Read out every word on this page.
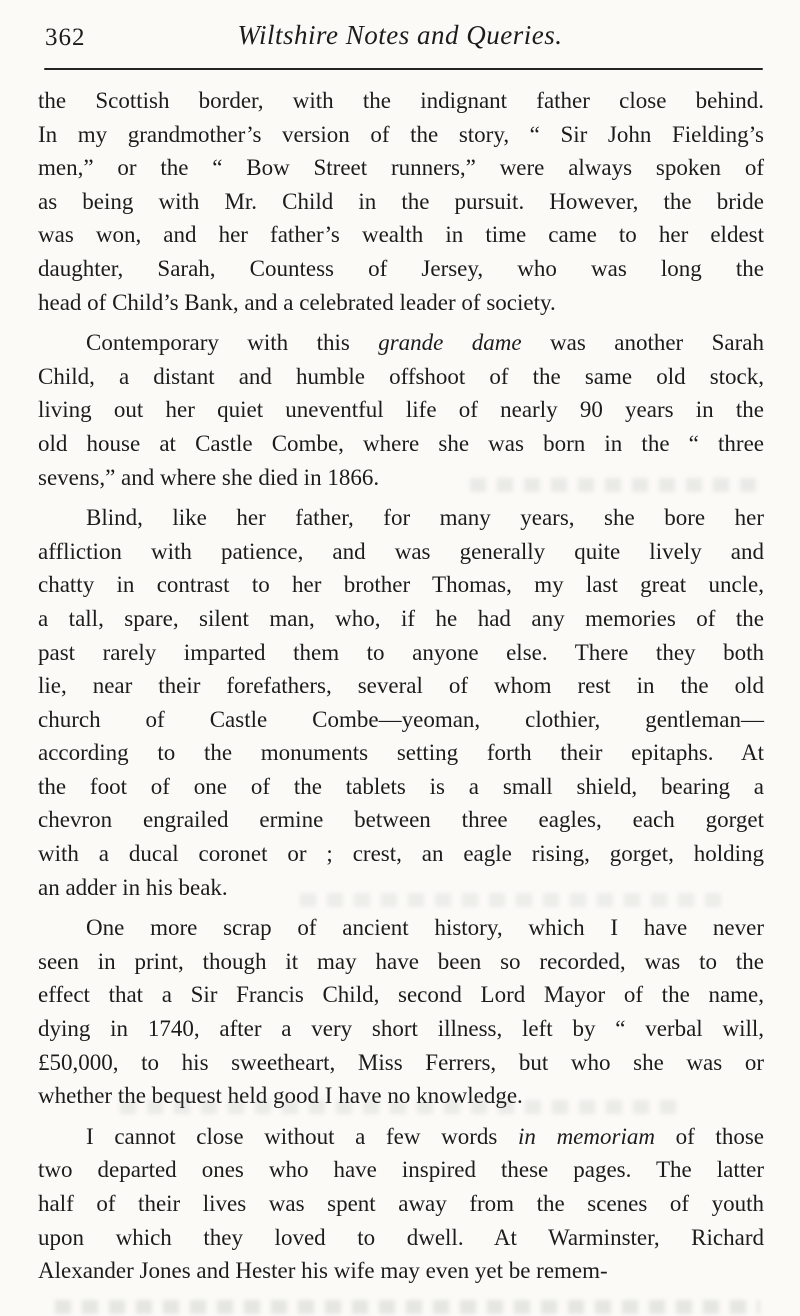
362	Wiltshire Notes and Queries.
the Scottish border, with the indignant father close behind.
In my grandmother’s version of the story, “ Sir John Fielding’s
men,” or the “ Bow Street runners,” were always spoken of
as being with Mr. Child in the pursuit. However, the bride
was won, and her father’s wealth in time came to her eldest
daughter, Sarah, Countess of Jersey, who was long the
head of Child’s Bank, and a celebrated leader of society.
Contemporary with this grande dame was another Sarah
Child, a distant and humble offshoot of the same old stock,
living out her quiet uneventful life of nearly 90 years in the
old house at Castle Combe, where she was born in the “ three
sevens,” and where she died in 1866.
Blind, like her father, for many years, she bore her
affliction with patience, and was generally quite lively and
chatty in contrast to her brother Thomas, my last great uncle,
a tall, spare, silent man, who, if he had any memories of the
past rarely imparted them to anyone else. There they both
lie, near their forefathers, several of whom rest in the old
church of Castle Combe—yeoman, clothier, gentleman—
according to the monuments setting forth their epitaphs. At
the foot of one of the tablets is a small shield, bearing a
chevron engrailed ermine between three eagles, each gorget
with a ducal coronet or ; crest, an eagle rising, gorget, holding
an adder in his beak.
One more scrap of ancient history, which I have never
seen in print, though it may have been so recorded, was to the
effect that a Sir Francis Child, second Lord Mayor of the name,
dying in 1740, after a very short illness, left by “ verbal will,
£50,000, to his sweetheart, Miss Ferrers, but who she was or
whether the bequest held good I have no knowledge.
I cannot close without a few words in memoriam of those
two departed ones who have inspired these pages. The latter
half of their lives was spent away from the scenes of youth
upon which they loved to dwell. At Warminster, Richard
Alexander Jones and Hester his wife may even yet be remem-
